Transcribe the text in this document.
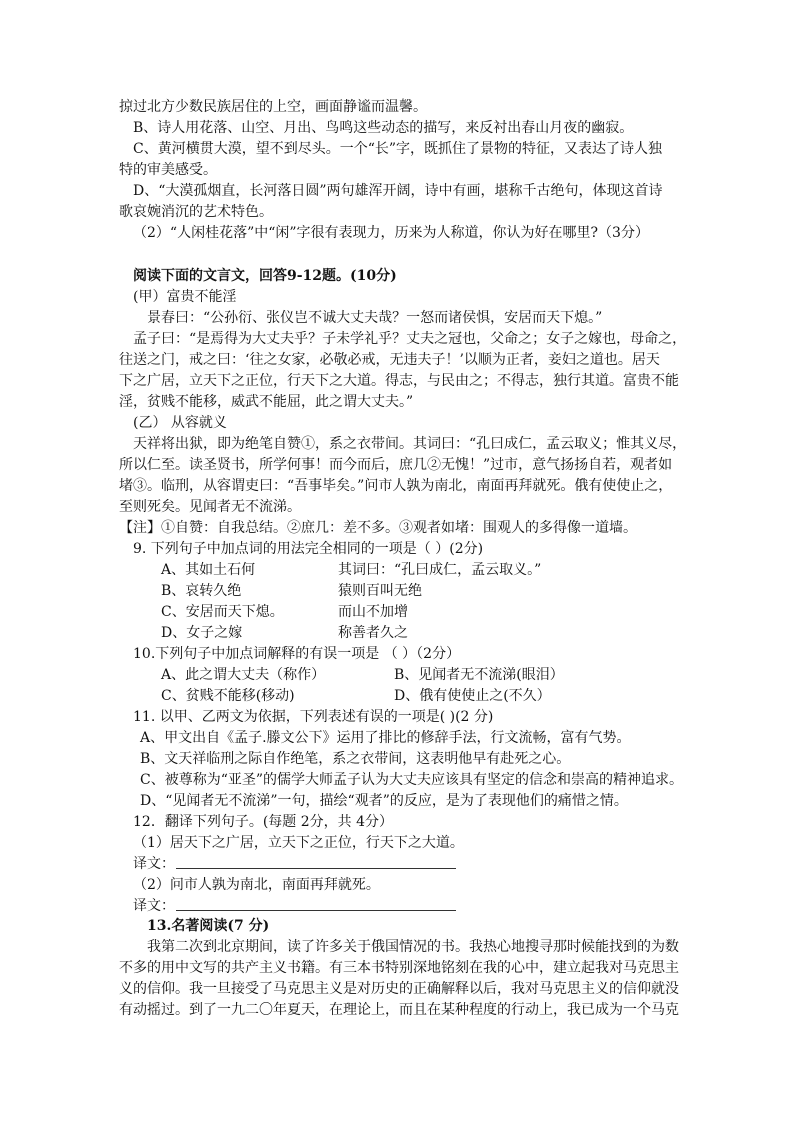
掠过北方少数民族居住的上空，画面静谧而温馨。
B、诗人用花落、山空、月出、鸟鸣这些动态的描写，来反衬出春山月夜的幽寂。
C、黄河横贯大漠，望不到尽头。一个“长”字，既抓住了景物的特征，又表达了诗人独
特的审美感受。
D、“大漠孤烟直，长河落日圆”两句雄浑开阔，诗中有画，堪称千古绝句，体现这首诗
歌哀婉消沉的艺术特色。
（2）“人闲桂花落”中“闲”字很有表现力，历来为人称道，你认为好在哪里?（3分）
阅读下面的文言文，回答9-12题。(10分)
(甲）富贵不能淫
景春曰：“公孙衍、张仪岂不诚大丈夫哉？一怒而诸侯惧，安居而天下熄。”
孟子曰：“是焉得为大丈夫乎？子未学礼乎？丈夫之冠也，父命之；女子之嫁也，母命之，
往送之门，戒之曰：‘往之女家，必敬必戒，无违夫子！’以顺为正者，妾妇之道也。居天
下之广居，立天下之正位，行天下之大道。得志，与民由之；不得志，独行其道。富贵不能
淫，贫贱不能移，威武不能屈，此之谓大丈夫。”
(乙） 从容就义
天祥将出狱，即为绝笔自赞①，系之衣带间。其词曰：“孔曰成仁，孟云取义；惟其义尽，
所以仁至。读圣贤书，所学何事！而今而后，庶几②无愧！”过市，意气扬扬自若，观者如
堵③。临刑，从容谓吏曰：“吾事毕矣。”问市人孰为南北，南面再拜就死。俄有使使止之，
至则死矣。见闻者无不流涕。
【注】①自赞：自我总结。②庶几：差不多。③观者如堵：围观人的多得像一道墙。
9. 下列句子中加点词的用法完全相同的一项是（ ）(2分)
A、其如土石何	其词曰：“孔曰成仁，孟云取义。”
B、哀转久绝	猿则百叫无绝
C、安居而天下熄。	而山不加增
D、女子之嫁	称善者久之
10.下列句子中加点词解释的有误一项是 （ ）（2分）
A、此之谓大丈夫（称作）	B、见闻者无不流涕(眼泪）
C、贫贱不能移(移动)	D、俄有使使止之(不久）
11. 以甲、乙两文为依据，下列表述有误的一项是( )(2 分)
A、甲文出自《孟子.滕文公下》运用了排比的修辞手法，行文流畅，富有气势。
B、文天祥临刑之际自作绝笔，系之衣带间，这表明他早有赴死之心。
C、被尊称为“亚圣”的儒学大师孟子认为大丈夫应该具有坚定的信念和崇高的精神追求。
D、“见闻者无不流涕”一句，描绘“观者”的反应，是为了表现他们的痛惜之情。
12．翻译下列句子。(每题 2分，共 4分）
（1）居天下之广居，立天下之正位，行天下之大道。
译文：
（2）问市人孰为南北，南面再拜就死。
译文：
13.名著阅读(7 分)
我第二次到北京期间，读了许多关于俄国情况的书。我热心地搜寻那时候能找到的为数
不多的用中文写的共产主义书籍。有三本书特别深地铭刻在我的心中，建立起我对马克思主
义的信仰。我一旦接受了马克思主义是对历史的正确解释以后，我对马克思主义的信仰就没
有动摇过。到了一九二〇年夏天，在理论上，而且在某种程度的行动上，我已成为一个马克
